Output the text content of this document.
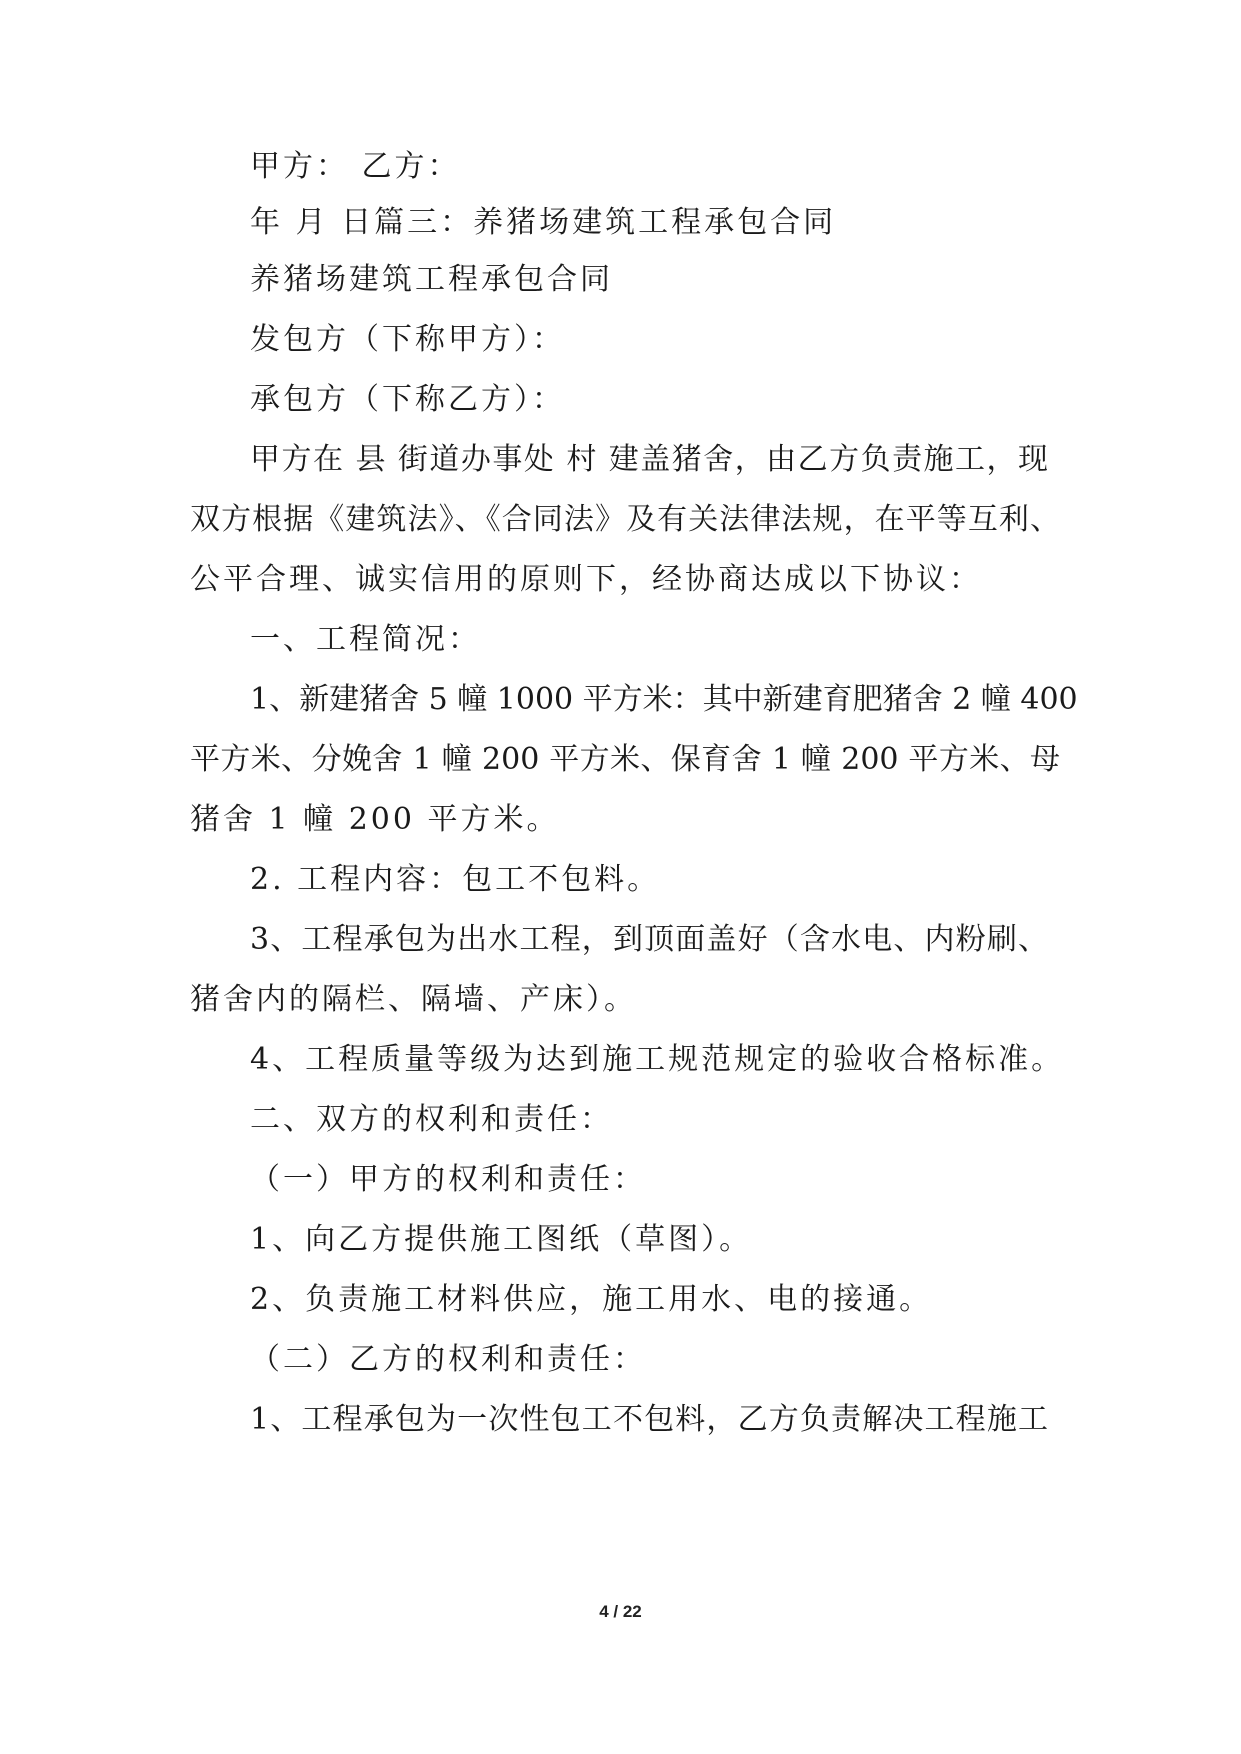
甲方： 乙方：
年 月 日篇三：养猪场建筑工程承包合同
养猪场建筑工程承包合同
发包方（下称甲方）：
承包方（下称乙方）：
甲方在 县 街道办事处 村 建盖猪舍，由乙方负责施工，现
双方根据《建筑法》、《合同法》及有关法律法规，在平等互利、
公平合理、诚实信用的原则下，经协商达成以下协议：
一、工程简况：
1、新建猪舍 5 幢 1000 平方米：其中新建育肥猪舍 2 幢 400
平方米、分娩舍 1 幢 200 平方米、保育舍 1 幢 200 平方米、母
猪舍 1 幢 200 平方米。
2. 工程内容：包工不包料。
3、工程承包为出水工程，到顶面盖好（含水电、内粉刷、
猪舍内的隔栏、隔墙、产床）。
4、工程质量等级为达到施工规范规定的验收合格标准。
二、双方的权利和责任：
（一）甲方的权利和责任：
1、向乙方提供施工图纸（草图）。
2、负责施工材料供应，施工用水、电的接通。
（二）乙方的权利和责任：
1、工程承包为一次性包工不包料，乙方负责解决工程施工
4 / 22
